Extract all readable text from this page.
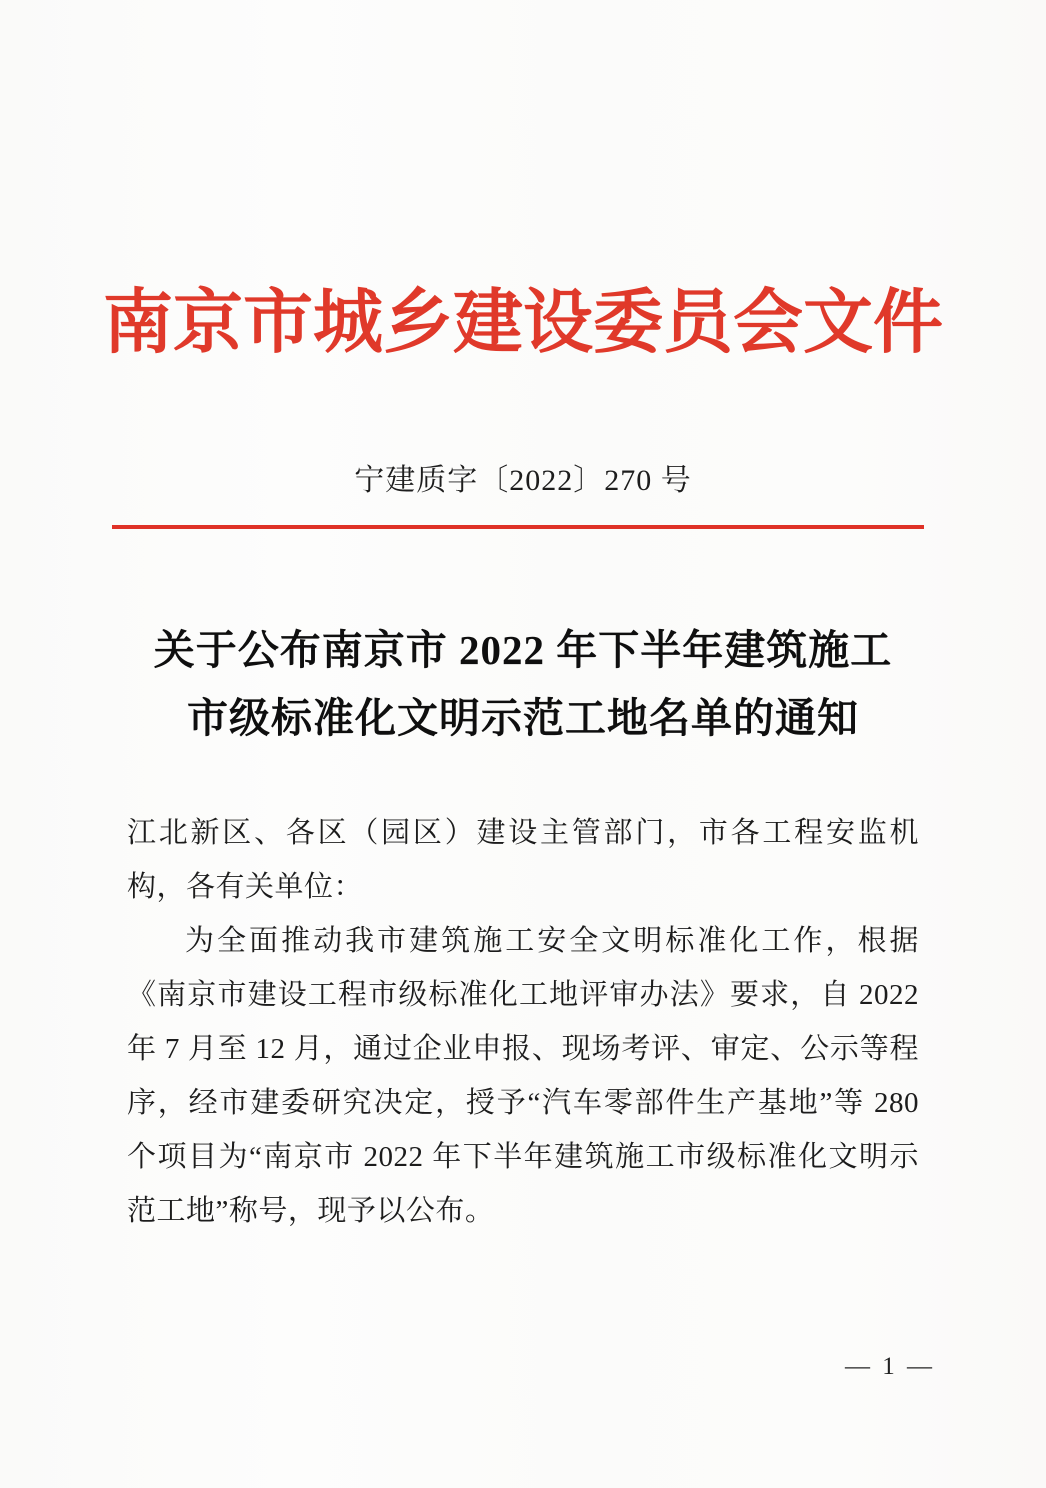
南京市城乡建设委员会文件
宁建质字〔2022〕270 号
关于公布南京市 2022 年下半年建筑施工
市级标准化文明示范工地名单的通知

江北新区、各区（园区）建设主管部门，市各工程安监机构，各有关单位：

为全面推动我市建筑施工安全文明标准化工作，根据《南京市建设工程市级标准化工地评审办法》要求，自 2022 年 7 月至 12 月，通过企业申报、现场考评、审定、公示等程序，经市建委研究决定，授予“汽车零部件生产基地”等 280 个项目为“南京市 2022 年下半年建筑施工市级标准化文明示范工地”称号，现予以公布。

— 1 —
